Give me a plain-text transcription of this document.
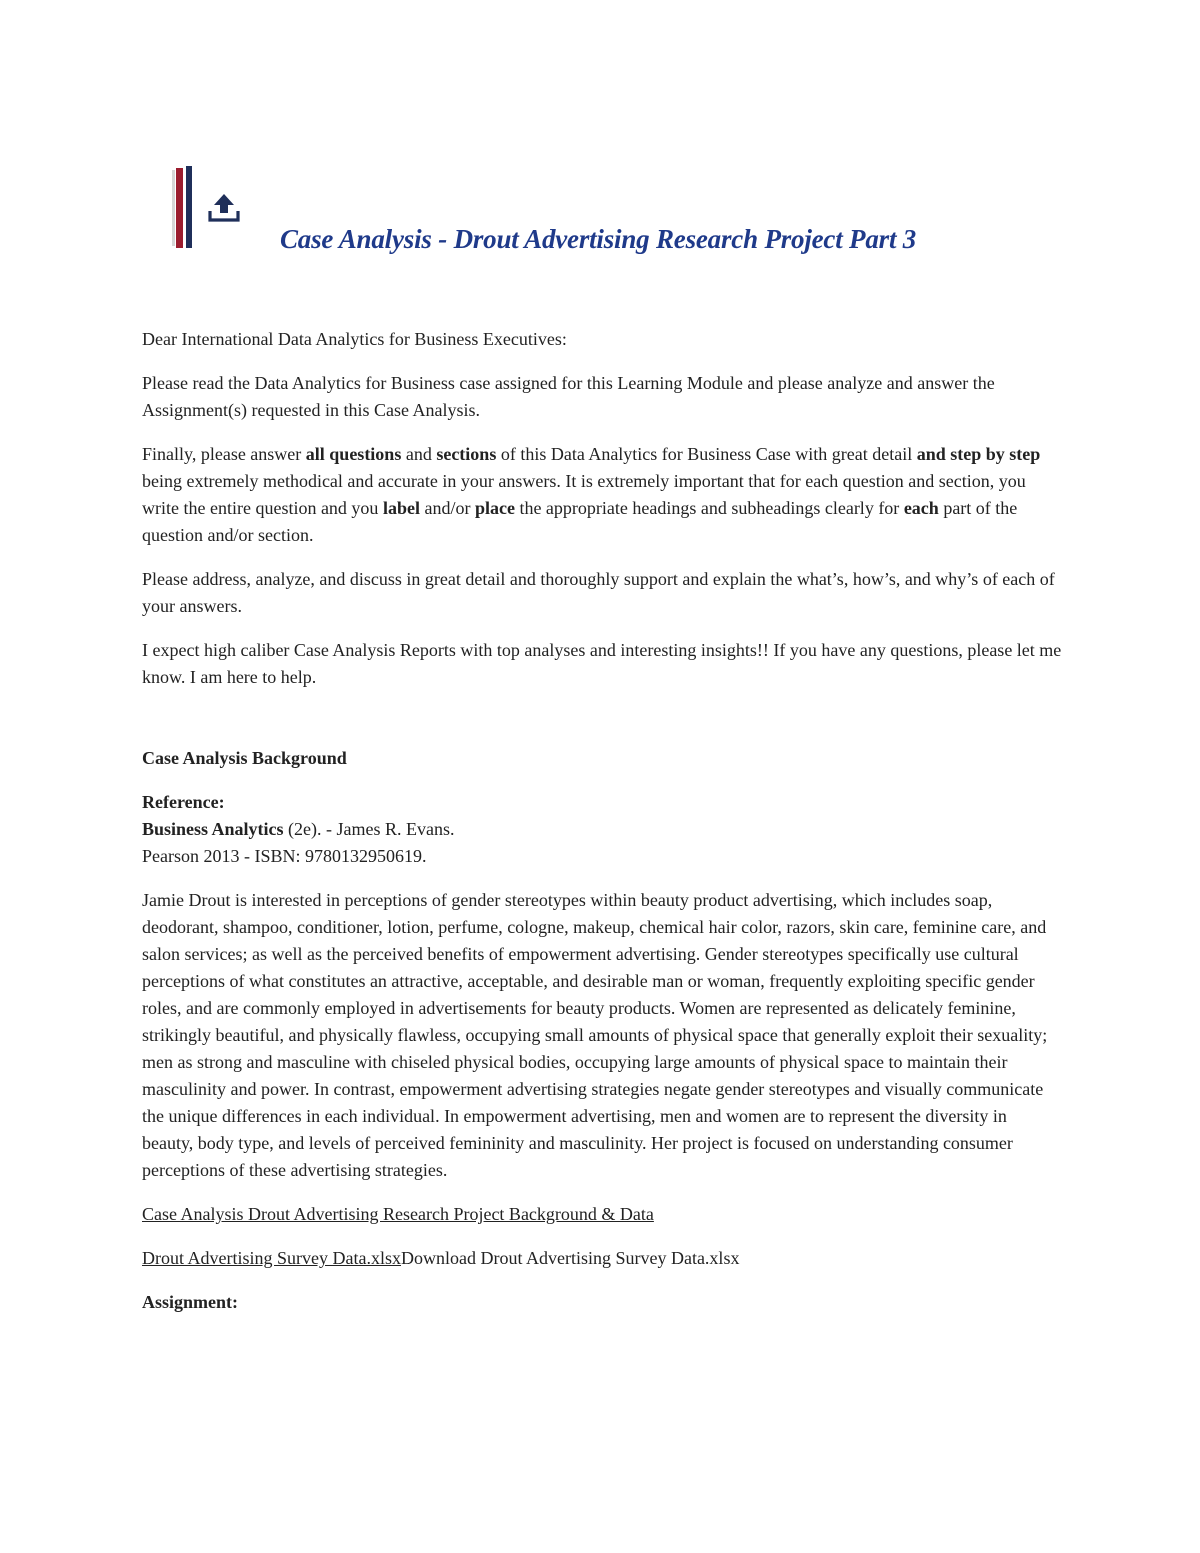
Case Analysis - Drout Advertising Research Project Part 3

Dear International Data Analytics for Business Executives:

Please read the Data Analytics for Business case assigned for this Learning Module and please analyze and answer the Assignment(s) requested in this Case Analysis.

Finally, please answer all questions and sections of this Data Analytics for Business Case with great detail and step by step being extremely methodical and accurate in your answers. It is extremely important that for each question and section, you write the entire question and you label and/or place the appropriate headings and subheadings clearly for each part of the question and/or section.

Please address, analyze, and discuss in great detail and thoroughly support and explain the what’s, how’s, and why’s of each of your answers.

I expect high caliber Case Analysis Reports with top analyses and interesting insights!! If you have any questions, please let me know. I am here to help.

Case Analysis Background

Reference:

Business Analytics (2e). - James R. Evans.

Pearson 2013 - ISBN: 9780132950619.

Jamie Drout is interested in perceptions of gender stereotypes within beauty product advertising, which includes soap, deodorant, shampoo, conditioner, lotion, perfume, cologne, makeup, chemical hair color, razors, skin care, feminine care, and salon services; as well as the perceived benefits of empowerment advertising. Gender stereotypes specifically use cultural perceptions of what constitutes an attractive, acceptable, and desirable man or woman, frequently exploiting specific gender roles, and are commonly employed in advertisements for beauty products. Women are represented as delicately feminine, strikingly beautiful, and physically flawless, occupying small amounts of physical space that generally exploit their sexuality; men as strong and masculine with chiseled physical bodies, occupying large amounts of physical space to maintain their masculinity and power. In contrast, empowerment advertising strategies negate gender stereotypes and visually communicate the unique differences in each individual. In empowerment advertising, men and women are to represent the diversity in beauty, body type, and levels of perceived femininity and masculinity. Her project is focused on understanding consumer perceptions of these advertising strategies.

Case Analysis Drout Advertising Research Project Background & Data

Drout Advertising Survey Data.xlsxDownload Drout Advertising Survey Data.xlsx

Assignment:
